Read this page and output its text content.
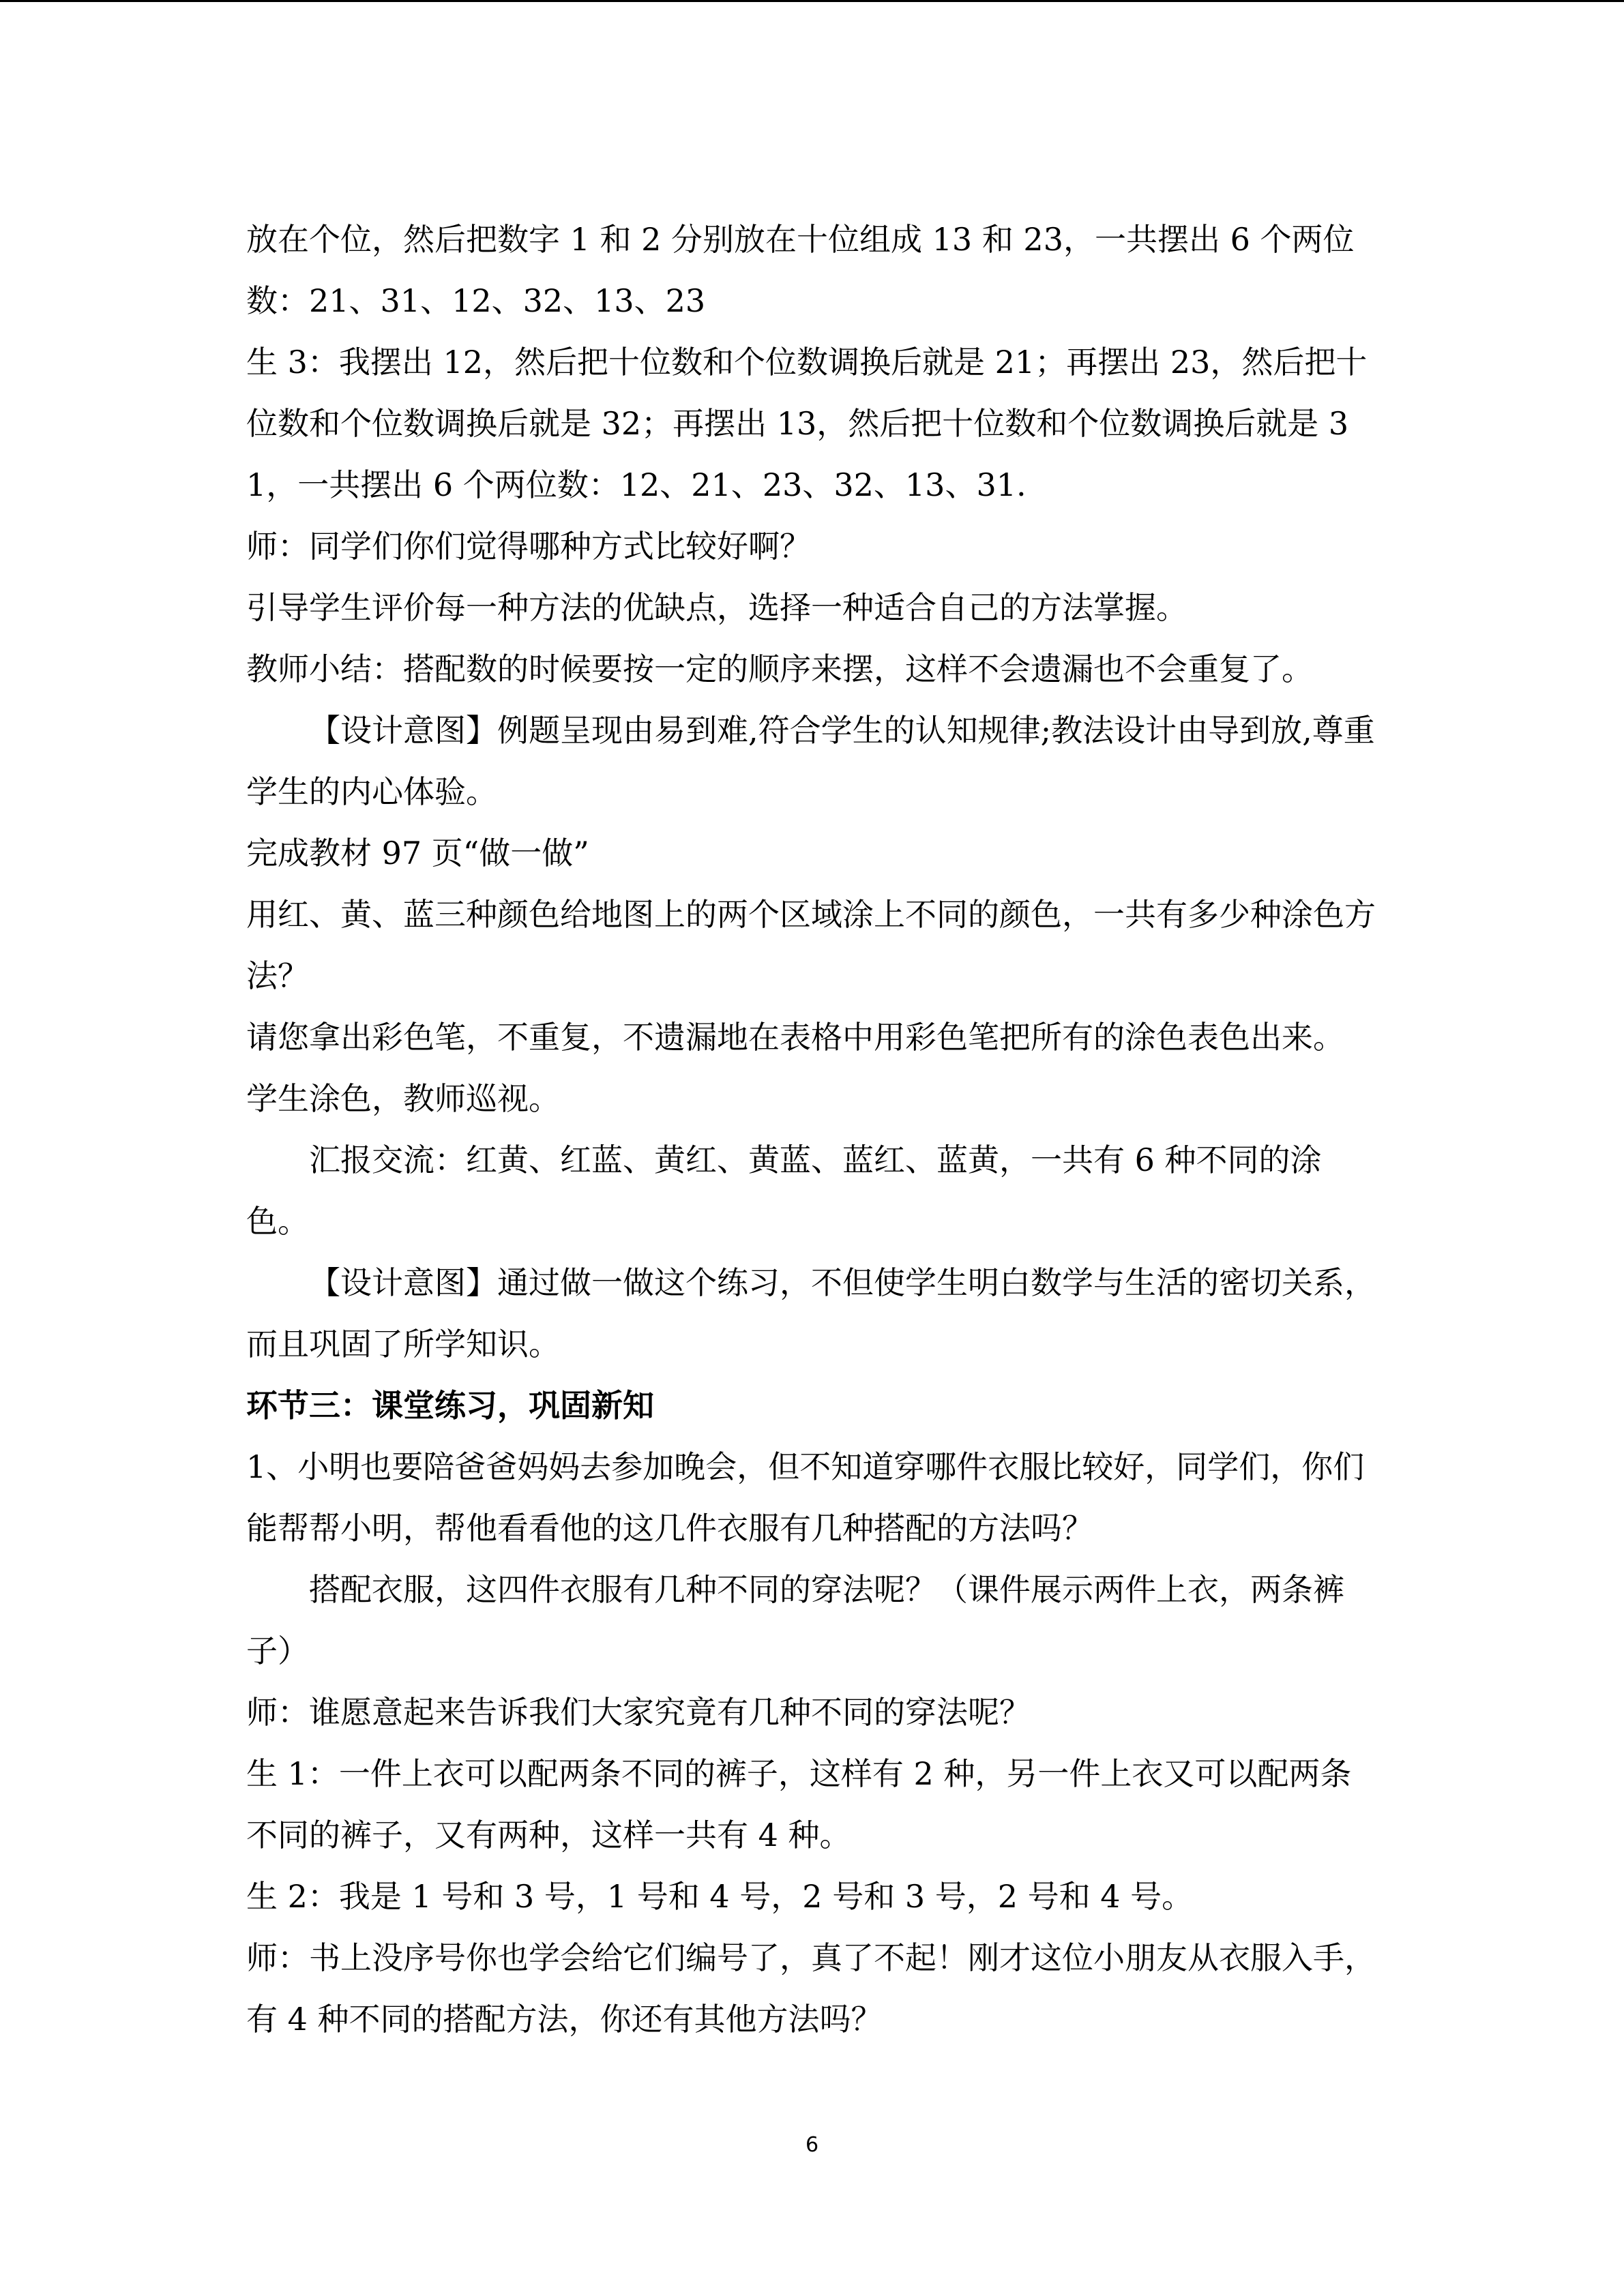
放在个位，然后把数字 1 和 2 分别放在十位组成 13 和 23，一共摆出 6 个两位数：21、31、12、32、13、23

生 3：我摆出 12，然后把十位数和个位数调换后就是 21；再摆出 23，然后把十位数和个位数调换后就是 32；再摆出 13，然后把十位数和个位数调换后就是 31，一共摆出 6 个两位数：12、21、23、32、13、31.

师：同学们你们觉得哪种方式比较好啊？

引导学生评价每一种方法的优缺点，选择一种适合自己的方法掌握。

教师小结：搭配数的时候要按一定的顺序来摆，这样不会遗漏也不会重复了。

【设计意图】例题呈现由易到难,符合学生的认知规律;教法设计由导到放,尊重学生的内心体验。

完成教材 97 页“做一做”

用红、黄、蓝三种颜色给地图上的两个区域涂上不同的颜色，一共有多少种涂色方法？

请您拿出彩色笔，不重复，不遗漏地在表格中用彩色笔把所有的涂色表色出来。

学生涂色，教师巡视。

汇报交流：红黄、红蓝、黄红、黄蓝、蓝红、蓝黄，一共有 6 种不同的涂色。

【设计意图】通过做一做这个练习，不但使学生明白数学与生活的密切关系，而且巩固了所学知识。

环节三：课堂练习，巩固新知

1、小明也要陪爸爸妈妈去参加晚会，但不知道穿哪件衣服比较好，同学们，你们能帮帮小明，帮他看看他的这几件衣服有几种搭配的方法吗？

搭配衣服，这四件衣服有几种不同的穿法呢？（课件展示两件上衣，两条裤子）

师：谁愿意起来告诉我们大家究竟有几种不同的穿法呢？

生 1：一件上衣可以配两条不同的裤子，这样有 2 种，另一件上衣又可以配两条不同的裤子，又有两种，这样一共有 4 种。

生 2：我是 1 号和 3 号，1 号和 4 号，2 号和 3 号，2 号和 4 号。

师：书上没序号你也学会给它们编号了，真了不起！刚才这位小朋友从衣服入手，有 4 种不同的搭配方法，你还有其他方法吗？

6
